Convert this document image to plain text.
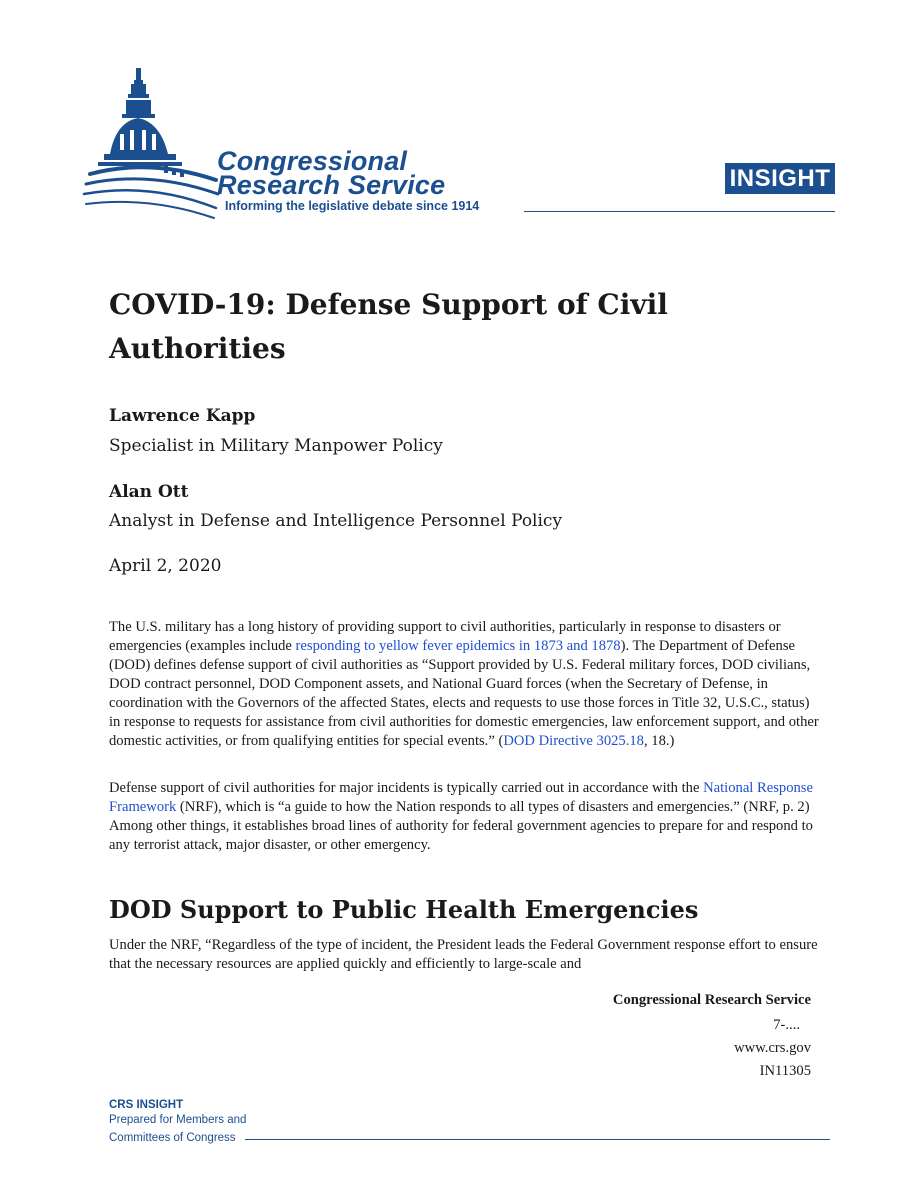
Congressional
Research Service
Informing the legislative debate since 1914
INSIGHT
COVID-19: Defense Support of Civil Authorities
Lawrence Kapp
Specialist in Military Manpower Policy
Alan Ott
Analyst in Defense and Intelligence Personnel Policy
April 2, 2020

The U.S. military has a long history of providing support to civil authorities, particularly in response to disasters or emergencies (examples include responding to yellow fever epidemics in 1873 and 1878). The Department of Defense (DOD) defines defense support of civil authorities as “Support provided by U.S. Federal military forces, DOD civilians, DOD contract personnel, DOD Component assets, and National Guard forces (when the Secretary of Defense, in coordination with the Governors of the affected States, elects and requests to use those forces in Title 32, U.S.C., status) in response to requests for assistance from civil authorities for domestic emergencies, law enforcement support, and other domestic activities, or from qualifying entities for special events.” (DOD Directive 3025.18, 18.)

Defense support of civil authorities for major incidents is typically carried out in accordance with the National Response Framework (NRF), which is “a guide to how the Nation responds to all types of disasters and emergencies.” (NRF, p. 2) Among other things, it establishes broad lines of authority for federal government agencies to prepare for and respond to any terrorist attack, major disaster, or other emergency.

DOD Support to Public Health Emergencies

Under the NRF, “Regardless of the type of incident, the President leads the Federal Government response effort to ensure that the necessary resources are applied quickly and efficiently to large-scale and

Congressional Research Service
7-....
www.crs.gov
IN11305
CRS INSIGHT
Prepared for Members and
Committees of Congress
